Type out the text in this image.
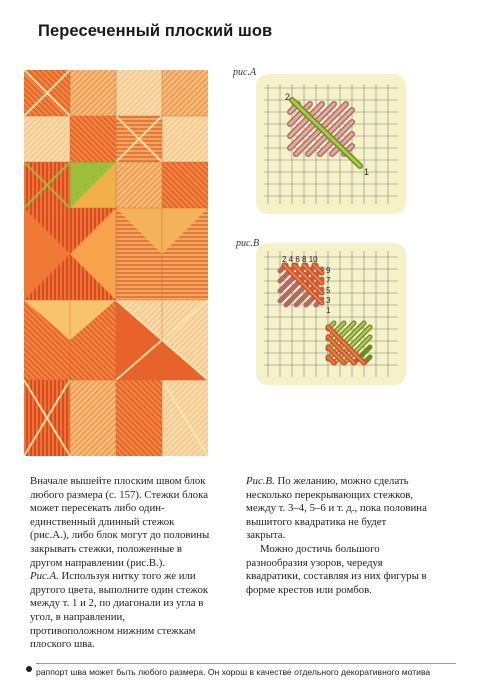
Пересеченный плоский шов
рис.А
2
1
рис.В
2 4 6 8 10
9
7
5
3
1

Вначале вышейте плоским швом блок любого размера (с. 157). Стежки блока может пересекать либо один-единственный длинный стежок (рис.А.), либо блок могут до половины закрывать стежки, положенные в другом направлении (рис.В.).

Рис.А. Используя нитку того же или другого цвета, выполните один стежок между т. 1 и 2, по диагонали из угла в угол, в направлении, противоположном нижним стежкам плоского шва.

Рис.В. По желанию, можно сделать несколько перекрывающих стежков, между т. 3–4, 5–6 и т. д., пока половина вышитого квадратика не будет закрыта.

Можно достичь большого разнообразия узоров, чередуя квадратики, составляя из них фигуры в форме крестов или ромбов.

раппорт шва может быть любого размера. Он хорош в качестве отдельного декоративного мотива
